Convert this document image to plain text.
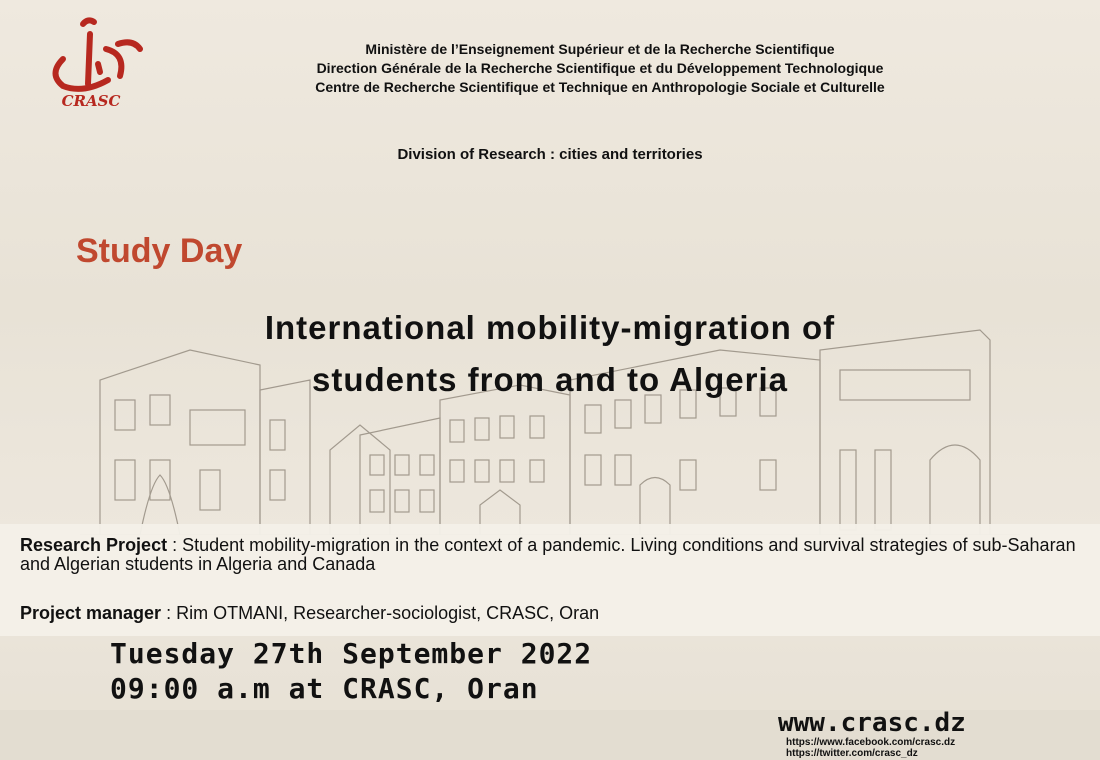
CRASC
Ministère de l’Enseignement Supérieur et de la Recherche Scientifique
Direction Générale de la Recherche Scientifique et du Développement Technologique
Centre de Recherche Scientifique et Technique en Anthropologie Sociale et Culturelle
Division of Research : cities and territories
Study Day
International mobility-migration of
students from and to Algeria
Research Project : Student mobility-migration in the context of a pandemic. Living conditions and survival strategies of sub-Saharan and Algerian students in Algeria and Canada
Project manager : Rim OTMANI, Researcher-sociologist, CRASC, Oran
Tuesday 27th September 2022
09:00 a.m at CRASC, Oran
www.crasc.dz
https://www.facebook.com/crasc.dz
https://twitter.com/crasc_dz
